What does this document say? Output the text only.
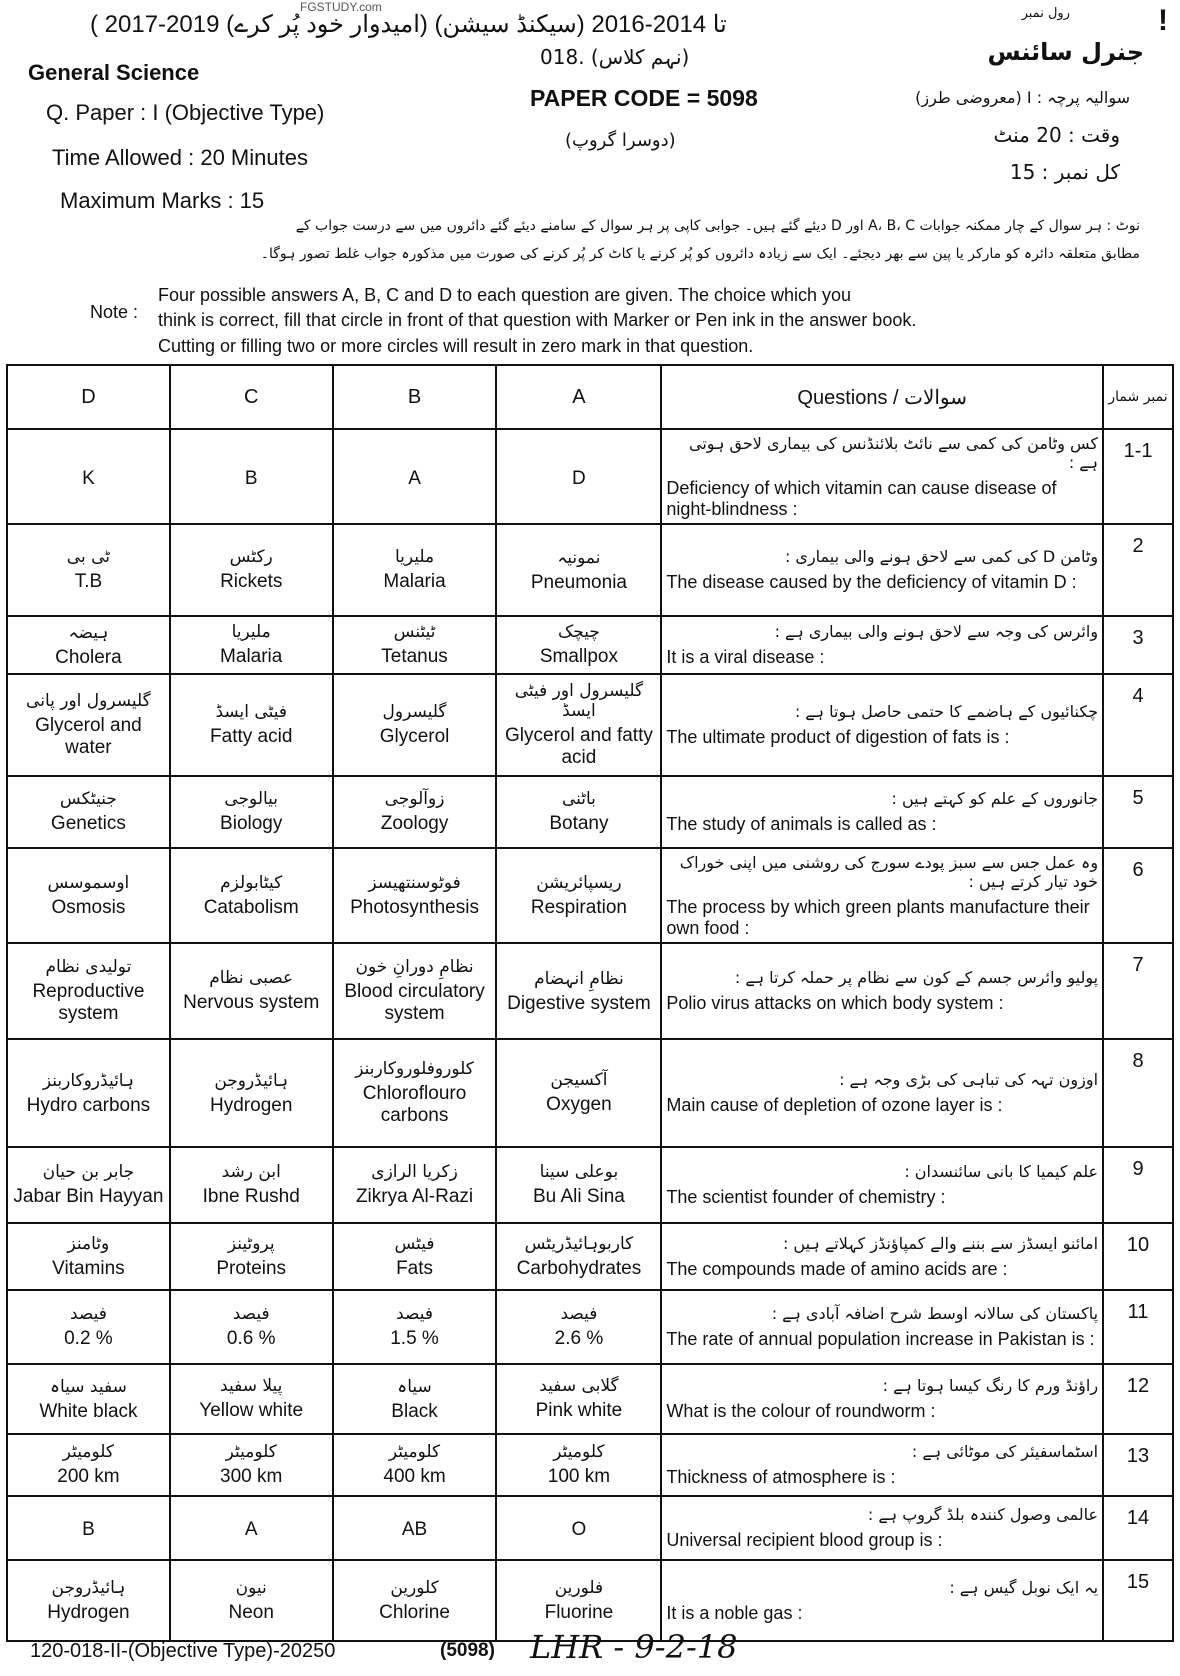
FGSTUDY.com
( 2017-2019 تا 2014-2016 (سیکنڈ سیشن) (امیدوار خود پُر کرے)	رول نمبر	!
General Science
جنرل سائنس
(نہم کلاس) .018
PAPER CODE = 5098
(دوسرا گروپ)
Q. Paper : I (Objective Type)
سوالیہ پرچہ : I (معروضی طرز)
Time Allowed : 20 Minutes
وقت : 20 منٹ
Maximum Marks : 15
کل نمبر : 15
نوٹ : ہر سوال کے چار ممکنہ جوابات A، B، C اور D دیئے گئے ہیں۔ جوابی کاپی پر ہر سوال کے سامنے دیئے گئے دائروں میں سے درست جواب کے
مطابق متعلقہ دائرہ کو مارکر یا پین سے بھر دیجئے۔ ایک سے زیادہ دائروں کو پُر کرنے یا کاٹ کر پُر کرنے کی صورت میں مذکورہ جواب غلط تصور ہوگا۔
Note :
Four possible answers A, B, C and D to each question are given. The choice which you
think is correct, fill that circle in front of that question with Marker or Pen ink in the answer book.
Cutting or filling two or more circles will result in zero mark in that question.
D	C	B	A	Questions / سوالات	نمبر شمار

K	B	A	D	کس وٹامن کی کمی سے نائٹ بلائنڈنس کی بیماری لاحق ہوتی ہے :
Deficiency of which vitamin can cause disease of night-blindness :	1-1

ٹی بی
T.B	رکٹس
Rickets	ملیریا
Malaria	نمونیہ
Pneumonia	وٹامن D کی کمی سے لاحق ہونے والی بیماری :
The disease caused by the deficiency of vitamin D :	2

ہیضہ
Cholera	ملیریا
Malaria	ٹیٹنس
Tetanus	چیچک
Smallpox	وائرس کی وجہ سے لاحق ہونے والی بیماری ہے :
It is a viral disease :	3

گلیسرول اور پانی
Glycerol and water	فیٹی ایسڈ
Fatty acid	گلیسرول
Glycerol	گلیسرول اور فیٹی ایسڈ
Glycerol and fatty acid	چکنائیوں کے ہاضمے کا حتمی حاصل ہوتا ہے :
The ultimate product of digestion of fats is :	4

جنیٹکس
Genetics	بیالوجی
Biology	زوآلوجی
Zoology	باٹنی
Botany	جانوروں کے علم کو کہتے ہیں :
The study of animals is called as :	5

اوسموسس
Osmosis	کیٹابولزم
Catabolism	فوٹوسنتھیسز
Photosynthesis	ریسپائریشن
Respiration	وہ عمل جس سے سبز پودے سورج کی روشنی میں اپنی خوراک خود تیار کرتے ہیں :
The process by which green plants manufacture their own food :	6

تولیدی نظام
Reproductive system	عصبی نظام
Nervous system	نظامِ دورانِ خون
Blood circulatory system	نظامِ انہضام
Digestive system	پولیو وائرس جسم کے کون سے نظام پر حملہ کرتا ہے :
Polio virus attacks on which body system :	7

ہائیڈروکاربنز
Hydro carbons	ہائیڈروجن
Hydrogen	کلوروفلوروکاربنز
Chloroflouro carbons	آکسیجن
Oxygen	اوزون تہہ کی تباہی کی بڑی وجہ ہے :
Main cause of depletion of ozone layer is :	8

جابر بن حیان
Jabar Bin Hayyan	ابن رشد
Ibne Rushd	زکریا الرازی
Zikrya Al-Razi	بوعلی سینا
Bu Ali Sina	علم کیمیا کا بانی سائنسدان :
The scientist founder of chemistry :	9

وٹامنز
Vitamins	پروٹینز
Proteins	فیٹس
Fats	کاربوہائیڈریٹس
Carbohydrates	امائنو ایسڈز سے بننے والے کمپاؤنڈز کہلاتے ہیں :
The compounds made of amino acids are :	10

فیصد
0.2 %	فیصد
0.6 %	فیصد
1.5 %	فیصد
2.6 %	پاکستان کی سالانہ اوسط شرح اضافہ آبادی ہے :
The rate of annual population increase in Pakistan is :	11

سفید سیاہ
White black	پیلا سفید
Yellow white	سیاہ
Black	گلابی سفید
Pink white	راؤنڈ ورم کا رنگ کیسا ہوتا ہے :
What is the colour of roundworm :	12

کلومیٹر
200 km	کلومیٹر
300 km	کلومیٹر
400 km	کلومیٹر
100 km	اسٹماسفیئر کی موٹائی ہے :
Thickness of atmosphere is :	13

B	A	AB	O	عالمی وصول کنندہ بلڈ گروپ ہے :
Universal recipient blood group is :	14

ہائیڈروجن
Hydrogen	نیون
Neon	کلورین
Chlorine	فلورین
Fluorine	یہ ایک نوبل گیس ہے :
It is a noble gas :	15
120-018-II-(Objective Type)-20250	(5098) LHR - 9-2-18
